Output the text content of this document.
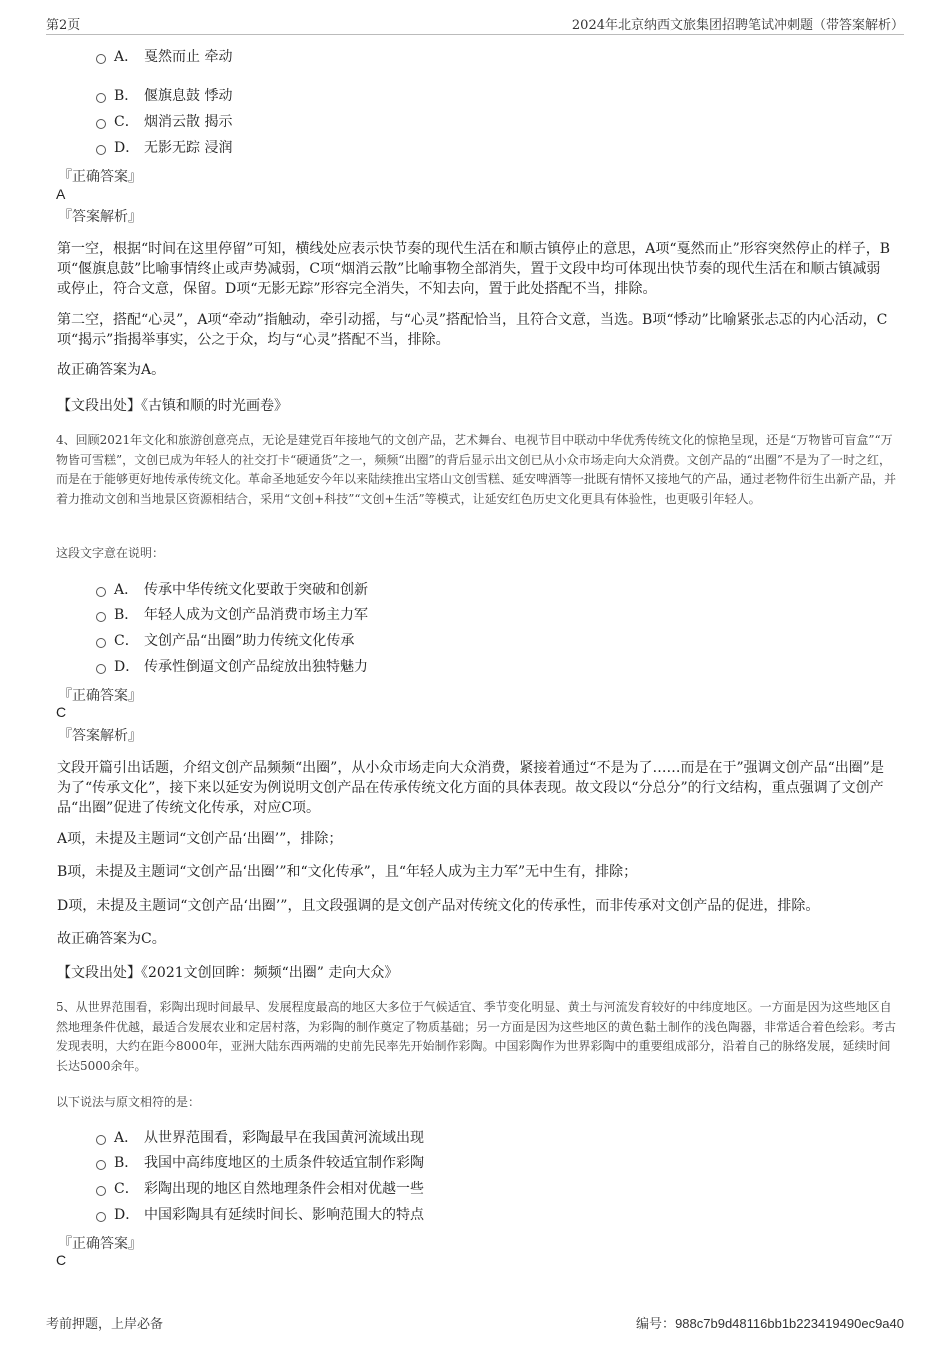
第2页	2024年北京纳西文旅集团招聘笔试冲刺题（带答案解析）
A． 戛然而止 牵动
B． 偃旗息鼓 悸动
C． 烟消云散 揭示
D． 无影无踪 浸润
『正确答案』
A
『答案解析』
第一空，根据“时间在这里停留”可知，横线处应表示快节奏的现代生活在和顺古镇停止的意思，A项“戛然而止”形容突然停止的样子，B项“偃旗息鼓”比喻事情终止或声势减弱，C项“烟消云散”比喻事物全部消失，置于文段中均可体现出快节奏的现代生活在和顺古镇减弱或停止，符合文意，保留。D项“无影无踪”形容完全消失，不知去向，置于此处搭配不当，排除。
第二空，搭配“心灵”，A项“牵动”指触动，牵引动摇，与“心灵”搭配恰当，且符合文意，当选。B项“悸动”比喻紧张忐忑的内心活动，C项“揭示”指揭举事实，公之于众，均与“心灵”搭配不当，排除。
故正确答案为A。
【文段出处】《古镇和顺的时光画卷》
4、回顾2021年文化和旅游创意亮点，无论是建党百年接地气的文创产品，艺术舞台、电视节目中联动中华优秀传统文化的惊艳呈现，还是“万物皆可盲盒”“万物皆可雪糕”，文创已成为年轻人的社交打卡“硬通货”之一，频频“出圈”的背后显示出文创已从小众市场走向大众消费。文创产品的“出圈”不是为了一时之红，而是在于能够更好地传承传统文化。革命圣地延安今年以来陆续推出宝塔山文创雪糕、延安啤酒等一批既有情怀又接地气的产品，通过老物件衍生出新产品，并着力推动文创和当地景区资源相结合，采用“文创+科技”“文创+生活”等模式，让延安红色历史文化更具有体验性，也更吸引年轻人。
这段文字意在说明：
A． 传承中华传统文化要敢于突破和创新
B． 年轻人成为文创产品消费市场主力军
C． 文创产品“出圈”助力传统文化传承
D． 传承性倒逼文创产品绽放出独特魅力
『正确答案』
C
『答案解析』
文段开篇引出话题，介绍文创产品频频“出圈”，从小众市场走向大众消费，紧接着通过“不是为了……而是在于”强调文创产品“出圈”是为了“传承文化”，接下来以延安为例说明文创产品在传承传统文化方面的具体表现。故文段以“分总分”的行文结构，重点强调了文创产品“出圈”促进了传统文化传承，对应C项。
A项，未提及主题词“文创产品‘出圈’”，排除；
B项，未提及主题词“文创产品‘出圈’”和“文化传承”，且“年轻人成为主力军”无中生有，排除；
D项，未提及主题词“文创产品‘出圈’”，且文段强调的是文创产品对传统文化的传承性，而非传承对文创产品的促进，排除。
故正确答案为C。
【文段出处】《2021文创回眸：频频“出圈” 走向大众》
5、从世界范围看，彩陶出现时间最早、发展程度最高的地区大多位于气候适宜、季节变化明显、黄土与河流发育较好的中纬度地区。一方面是因为这些地区自然地理条件优越，最适合发展农业和定居村落，为彩陶的制作奠定了物质基础；另一方面是因为这些地区的黄色黏土制作的浅色陶器，非常适合着色绘彩。考古发现表明，大约在距今8000年，亚洲大陆东西两端的史前先民率先开始制作彩陶。中国彩陶作为世界彩陶中的重要组成部分，沿着自己的脉络发展，延续时间长达5000余年。
以下说法与原文相符的是：
A． 从世界范围看，彩陶最早在我国黄河流域出现
B． 我国中高纬度地区的土质条件较适宜制作彩陶
C． 彩陶出现的地区自然地理条件会相对优越一些
D． 中国彩陶具有延续时间长、影响范围大的特点
『正确答案』
C
考前押题，上岸必备	编号：988c7b9d48116bb1b223419490ec9a40
